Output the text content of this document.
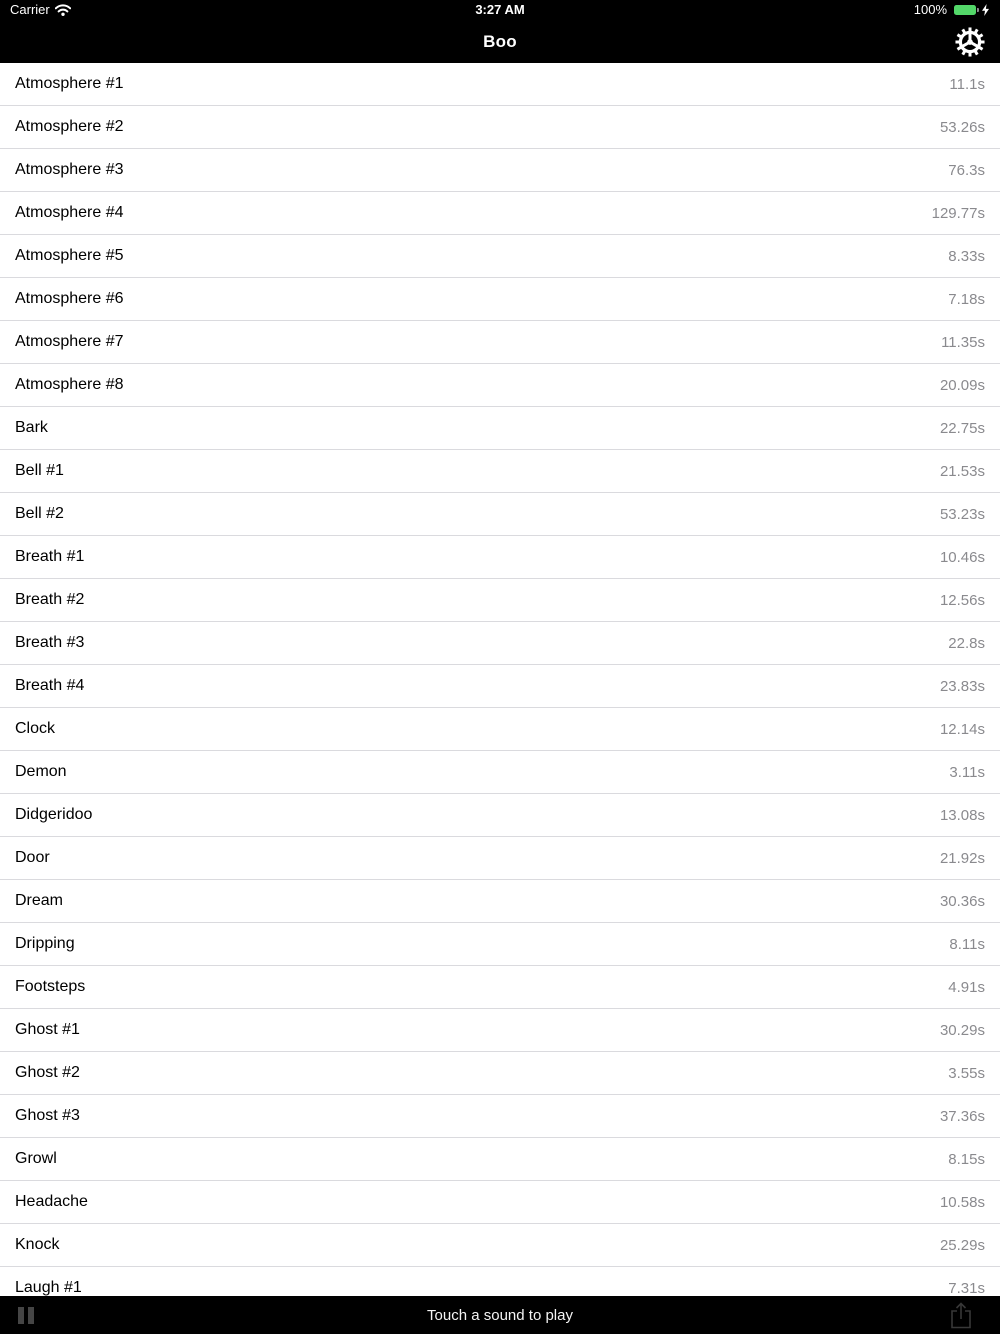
Carrier	3:27 AM	100%
Boo
Atmosphere #1	11.1s
Atmosphere #2	53.26s
Atmosphere #3	76.3s
Atmosphere #4	129.77s
Atmosphere #5	8.33s
Atmosphere #6	7.18s
Atmosphere #7	11.35s
Atmosphere #8	20.09s
Bark	22.75s
Bell #1	21.53s
Bell #2	53.23s
Breath #1	10.46s
Breath #2	12.56s
Breath #3	22.8s
Breath #4	23.83s
Clock	12.14s
Demon	3.11s
Didgeridoo	13.08s
Door	21.92s
Dream	30.36s
Dripping	8.11s
Footsteps	4.91s
Ghost #1	30.29s
Ghost #2	3.55s
Ghost #3	37.36s
Growl	8.15s
Headache	10.58s
Knock	25.29s
Laugh #1	7.31s
Touch a sound to play
